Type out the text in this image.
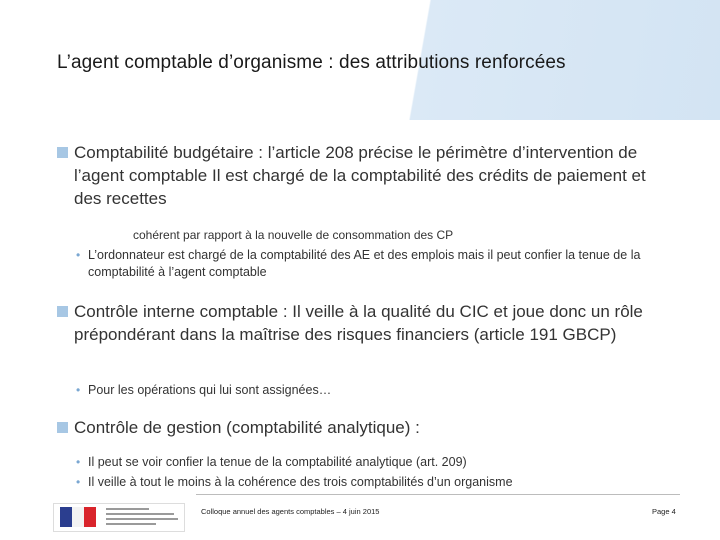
L’agent comptable d’organisme : des attributions renforcées
Comptabilité budgétaire : l’article 208 précise le périmètre d’intervention de l’agent comptable Il est chargé de la comptabilité des crédits de paiement et des recettes
cohérent par rapport à la nouvelle de consommation des CP
• L’ordonnateur est chargé de la comptabilité des AE et des emplois mais il peut confier la tenue de la comptabilité à l’agent comptable
Contrôle interne comptable : Il veille à la qualité du CIC et joue donc un rôle prépondérant dans la maîtrise des risques financiers (article 191 GBCP)
• Pour les opérations qui lui sont assignées…
Contrôle de gestion (comptabilité analytique) :
• Il peut se voir confier la tenue de la comptabilité analytique (art. 209)
• Il veille à tout le moins à la cohérence des trois comptabilités d’un organisme
Colloque annuel des agents comptables – 4 juin 2015	Page 4
